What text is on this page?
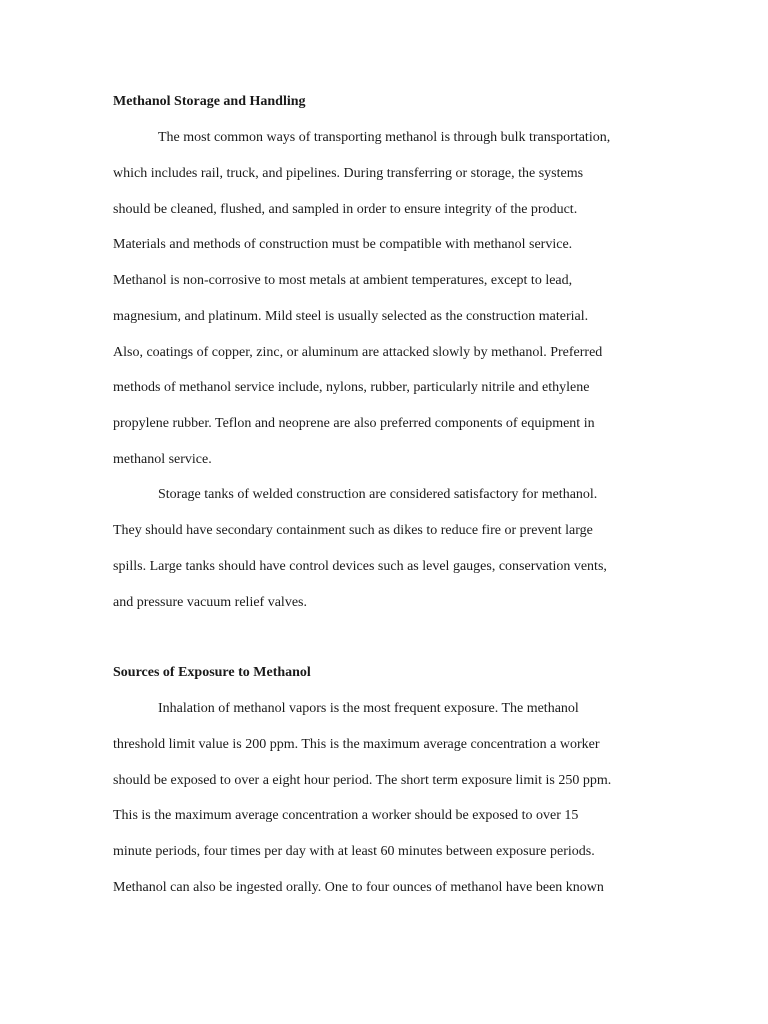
Methanol Storage and Handling

The most common ways of transporting methanol is through bulk transportation,

which includes rail, truck, and pipelines. During transferring or storage, the systems

should be cleaned, flushed, and sampled in order to ensure integrity of the product.

Materials and methods of construction must be compatible with methanol service.

Methanol is non-corrosive to most metals at ambient temperatures, except to lead,

magnesium, and platinum. Mild steel is usually selected as the construction material.

Also, coatings of copper, zinc, or aluminum are attacked slowly by methanol. Preferred

methods of methanol service include, nylons, rubber, particularly nitrile and ethylene

propylene rubber. Teflon and neoprene are also preferred components of equipment in

methanol service.

Storage tanks of welded construction are considered satisfactory for methanol.

They should have secondary containment such as dikes to reduce fire or prevent large

spills. Large tanks should have control devices such as level gauges, conservation vents,

and pressure vacuum relief valves.

Sources of Exposure to Methanol

Inhalation of methanol vapors is the most frequent exposure. The methanol

threshold limit value is 200 ppm. This is the maximum average concentration a worker

should be exposed to over a eight hour period. The short term exposure limit is 250 ppm.

This is the maximum average concentration a worker should be exposed to over 15

minute periods, four times per day with at least 60 minutes between exposure periods.

Methanol can also be ingested orally. One to four ounces of methanol have been known
